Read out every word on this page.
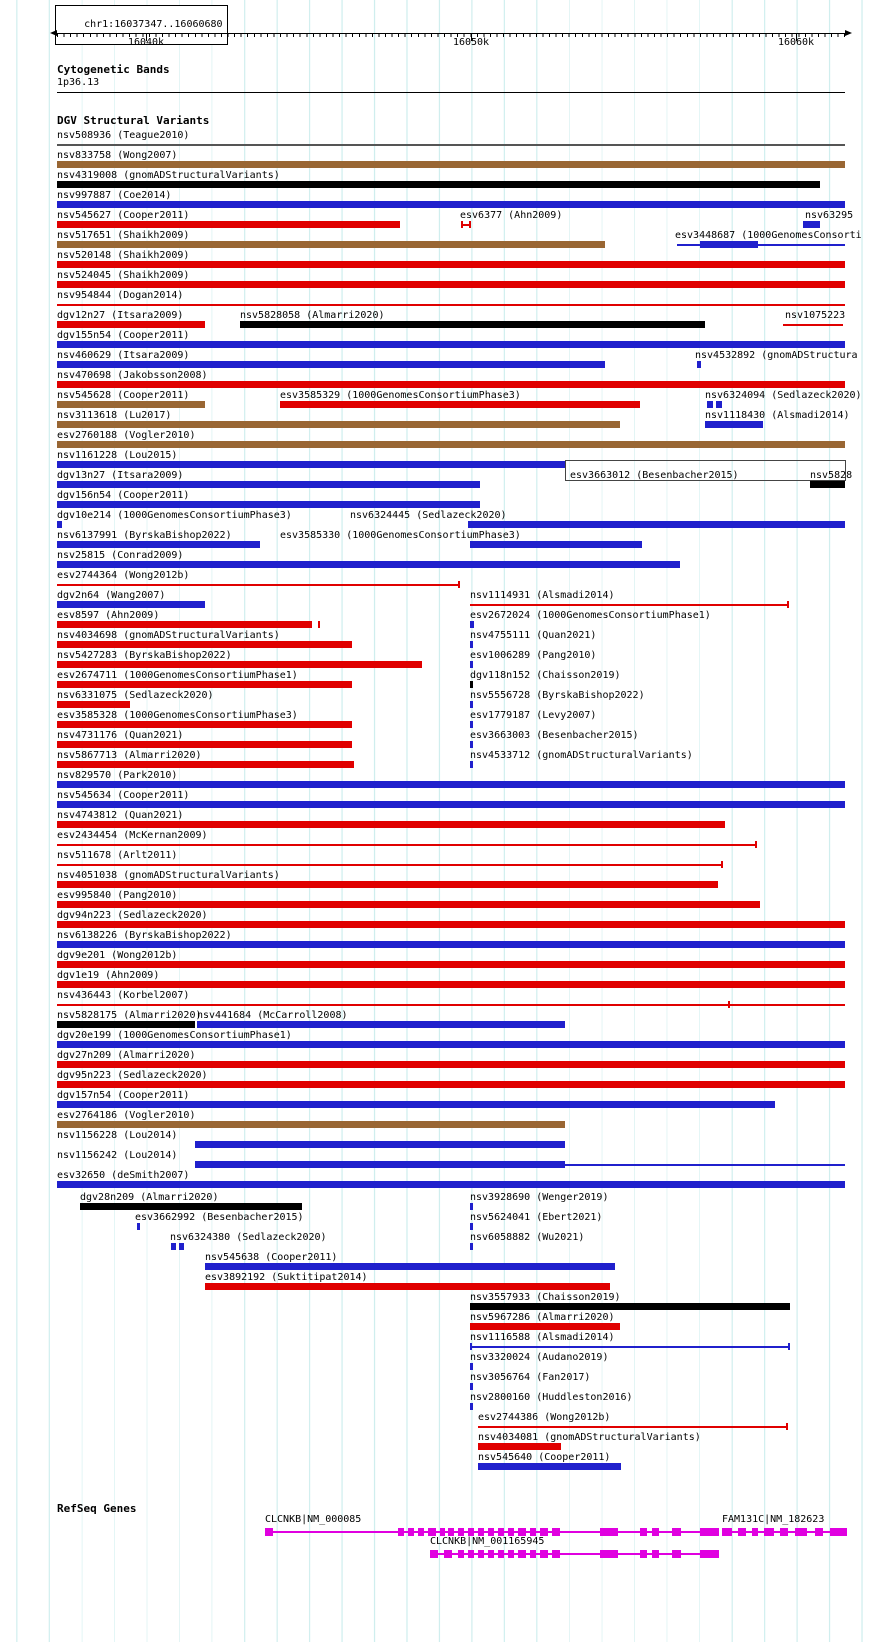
chr1:16037347..16060680

Cytogenetic Bands
1p36.13
DGV Structural Variants
RefSeq Genes
16040k	16050k	16060k
nsv508936 (Teague2010)
nsv833758 (Wong2007)
nsv4319008 (gnomADStructuralVariants)
nsv997887 (Coe2014)
nsv545627 (Cooper2011)	esv6377 (Ahn2009)	nsv63295
nsv517651 (Shaikh2009)	esv3448687 (1000GenomesConsorti
nsv520148 (Shaikh2009)
nsv524045 (Shaikh2009)
nsv954844 (Dogan2014)
dgv12n27 (Itsara2009)	nsv5828058 (Almarri2020)	nsv1075223
dgv155n54 (Cooper2011)
nsv460629 (Itsara2009)	nsv4532892 (gnomADStructura
nsv470698 (Jakobsson2008)
nsv545628 (Cooper2011)	esv3585329 (1000GenomesConsortiumPhase3)	nsv6324094 (Sedlazeck2020)
nsv3113618 (Lu2017)	nsv1118430 (Alsmadi2014)
esv2760188 (Vogler2010)
nsv1161228 (Lou2015)
dgv13n27 (Itsara2009)	esv3663012 (Besenbacher2015)	nsv5828
dgv156n54 (Cooper2011)
dgv10e214 (1000GenomesConsortiumPhase3)	nsv6324445 (Sedlazeck2020)
nsv6137991 (ByrskaBishop2022)	esv3585330 (1000GenomesConsortiumPhase3)
nsv25815 (Conrad2009)
esv2744364 (Wong2012b)
dgv2n64 (Wang2007)	nsv1114931 (Alsmadi2014)
esv8597 (Ahn2009)	esv2672024 (1000GenomesConsortiumPhase1)
nsv4034698 (gnomADStructuralVariants)	nsv4755111 (Quan2021)
nsv5427283 (ByrskaBishop2022)	esv1006289 (Pang2010)
esv2674711 (1000GenomesConsortiumPhase1)	dgv118n152 (Chaisson2019)
nsv6331075 (Sedlazeck2020)	nsv5556728 (ByrskaBishop2022)
esv3585328 (1000GenomesConsortiumPhase3)	esv1779187 (Levy2007)
nsv4731176 (Quan2021)	esv3663003 (Besenbacher2015)
nsv5867713 (Almarri2020)	nsv4533712 (gnomADStructuralVariants)
nsv829570 (Park2010)
nsv545634 (Cooper2011)
nsv4743812 (Quan2021)
esv2434454 (McKernan2009)
nsv511678 (Arlt2011)
nsv4051038 (gnomADStructuralVariants)
esv995840 (Pang2010)
dgv94n223 (Sedlazeck2020)
nsv6138226 (ByrskaBishop2022)
dgv9e201 (Wong2012b)
dgv1e19 (Ahn2009)
nsv436443 (Korbel2007)
nsv5828175 (Almarri2020)
nsv441684 (McCarroll2008)
dgv20e199 (1000GenomesConsortiumPhase1)
dgv27n209 (Almarri2020)
dgv95n223 (Sedlazeck2020)
dgv157n54 (Cooper2011)
esv2764186 (Vogler2010)
nsv1156228 (Lou2014)
nsv1156242 (Lou2014)
esv32650 (deSmith2007)
dgv28n209 (Almarri2020)	nsv3928690 (Wenger2019)
esv3662992 (Besenbacher2015)	nsv5624041 (Ebert2021)
nsv6324380 (Sedlazeck2020)	nsv6058882 (Wu2021)
nsv545638 (Cooper2011)
esv3892192 (Suktitipat2014)
nsv3557933 (Chaisson2019)
nsv5967286 (Almarri2020)
nsv1116588 (Alsmadi2014)
nsv3320024 (Audano2019)
nsv3056764 (Fan2017)
nsv2800160 (Huddleston2016)
esv2744386 (Wong2012b)
nsv4034081 (gnomADStructuralVariants)
nsv545640 (Cooper2011)
CLCNKB|NM_000085	FAM131C|NM_182623
CLCNKB|NM_001165945
